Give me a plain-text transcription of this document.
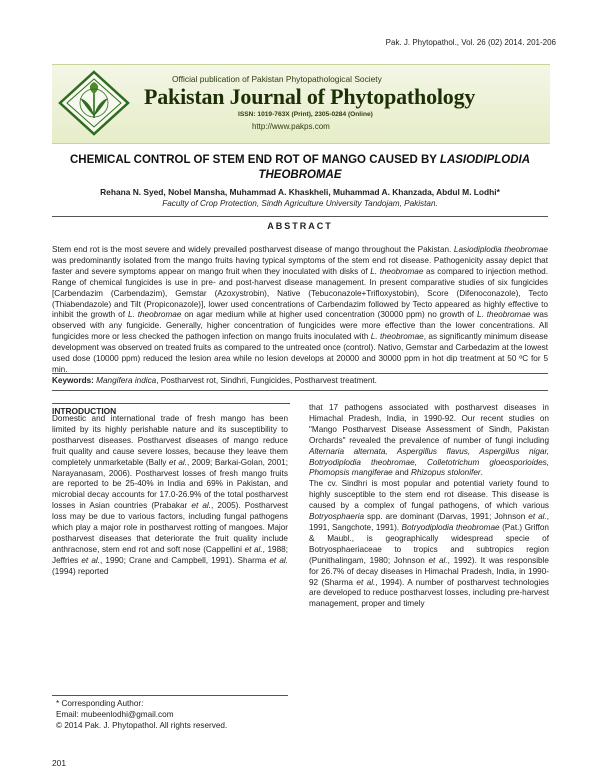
Pak. J. Phytopathol., Vol. 26 (02) 2014. 201-206
Official publication of Pakistan Phytopathological Society
Pakistan Journal of Phytopathology
ISSN: 1019-763X (Print), 2305-0284 (Online)
http://www.pakps.com
CHEMICAL CONTROL OF STEM END ROT OF MANGO CAUSED BY LASIODIPLODIA
THEOBROMAE
Rehana N. Syed, Nobel Mansha, Muhammad A. Khaskheli, Muhammad A. Khanzada, Abdul M. Lodhi*
Faculty of Crop Protection, Sindh Agriculture University Tandojam, Pakistan.
ABSTRACT
Stem end rot is the most severe and widely prevailed postharvest disease of mango throughout the Pakistan. Lasiodiplodia theobromae was predominantly isolated from the mango fruits having typical symptoms of the stem end rot disease. Pathogenicity assay depict that faster and severe symptoms appear on mango fruit when they inoculated with disks of L. theobromae as compared to injection method. Range of chemical fungicides is use in pre- and post-harvest disease management. In present comparative studies of six fungicides [Carbendazim (Carbendazim), Gemstar (Azoxystrobin), Native (Tebuconazole+Trifloxystobin), Score (Difenoconazole), Tecto (Thiabendazole) and Tilt (Propiconazole)], lower used concentrations of Carbendazim followed by Tecto appeared as highly effective to inhibit the growth of L. theobromae on agar medium while at higher used concentration (30000 ppm) no growth of L. theobromae was observed with any fungicide. Generally, higher concentration of fungicides were more effective than the lower concentrations. All fungicides more or less checked the pathogen infection on mango fruits inoculated with L. theobromae, as significantly minimum disease development was observed on treated fruits as compared to the untreated once (control). Nativo, Gemstar and Carbedazim at the lowest used dose (10000 ppm) reduced the lesion area while no lesion develops at 20000 and 30000 ppm in hot dip treatment at 50 ºC for 5 min.
Keywords: Mangifera indica, Postharvest rot, Sindhri, Fungicides, Postharvest treatment.
INTRODUCTION

Domestic and international trade of fresh mango has been limited by its highly perishable nature and its susceptibility to postharvest diseases. Postharvest diseases of mango reduce fruit quality and cause severe losses, because they leave them completely unmarketable (Bally et al., 2009; Barkai-Golan, 2001; Narayanasam, 2006). Postharvest losses of fresh mango fruits are reported to be 25-40% in India and 69% in Pakistan, and microbial decay accounts for 17.0-26.9% of the total postharvest losses in Asian countries (Prabakar et al., 2005). Postharvest loss may be due to various factors, including fungal pathogens which play a major role in postharvest rotting of mangoes. Major postharvest diseases that deteriorate the fruit quality include anthracnose, stem end rot and soft nose (Cappellini et al., 1988; Jeffries et al., 1990; Crane and Campbell, 1991). Sharma et al. (1994) reported

that 17 pathogens associated with postharvest diseases in Himachal Pradesh, India, in 1990-92. Our recent studies on "Mango Postharvest Disease Assessment of Sindh, Pakistan Orchards" revealed the prevalence of number of fungi including Alternaria alternata, Aspergillus flavus, Aspergillus nigar, Botryodiplodia theobromae, Colletotrichum gloeosporioides, Phomopsis mangiferae and Rhizopus stolonifer.

The cv. Sindhri is most popular and potential variety found to highly susceptible to the stem end rot disease. This disease is caused by a complex of fungal pathogens, of which various Botryosphaeria spp. are dominant (Darvas, 1991; Johnson et al., 1991, Sangchote, 1991). Botryodiplodia theobromae (Pat.) Griffon & Maubl., is geographically widespread specie of Botryosphaeriaceae to tropics and subtropics region (Punithalingam, 1980; Johnson et al., 1992). It was responsible for 26.7% of decay diseases in Himachal Pradesh, India, in 1990-92 (Sharma et al., 1994). A number of postharvest technologies are developed to reduce postharvest losses, including pre-harvest management, proper and timely

* Corresponding Author:
Email: mubeenlodhi@gmail.com
© 2014 Pak. J. Phytopathol. All rights reserved.
201
